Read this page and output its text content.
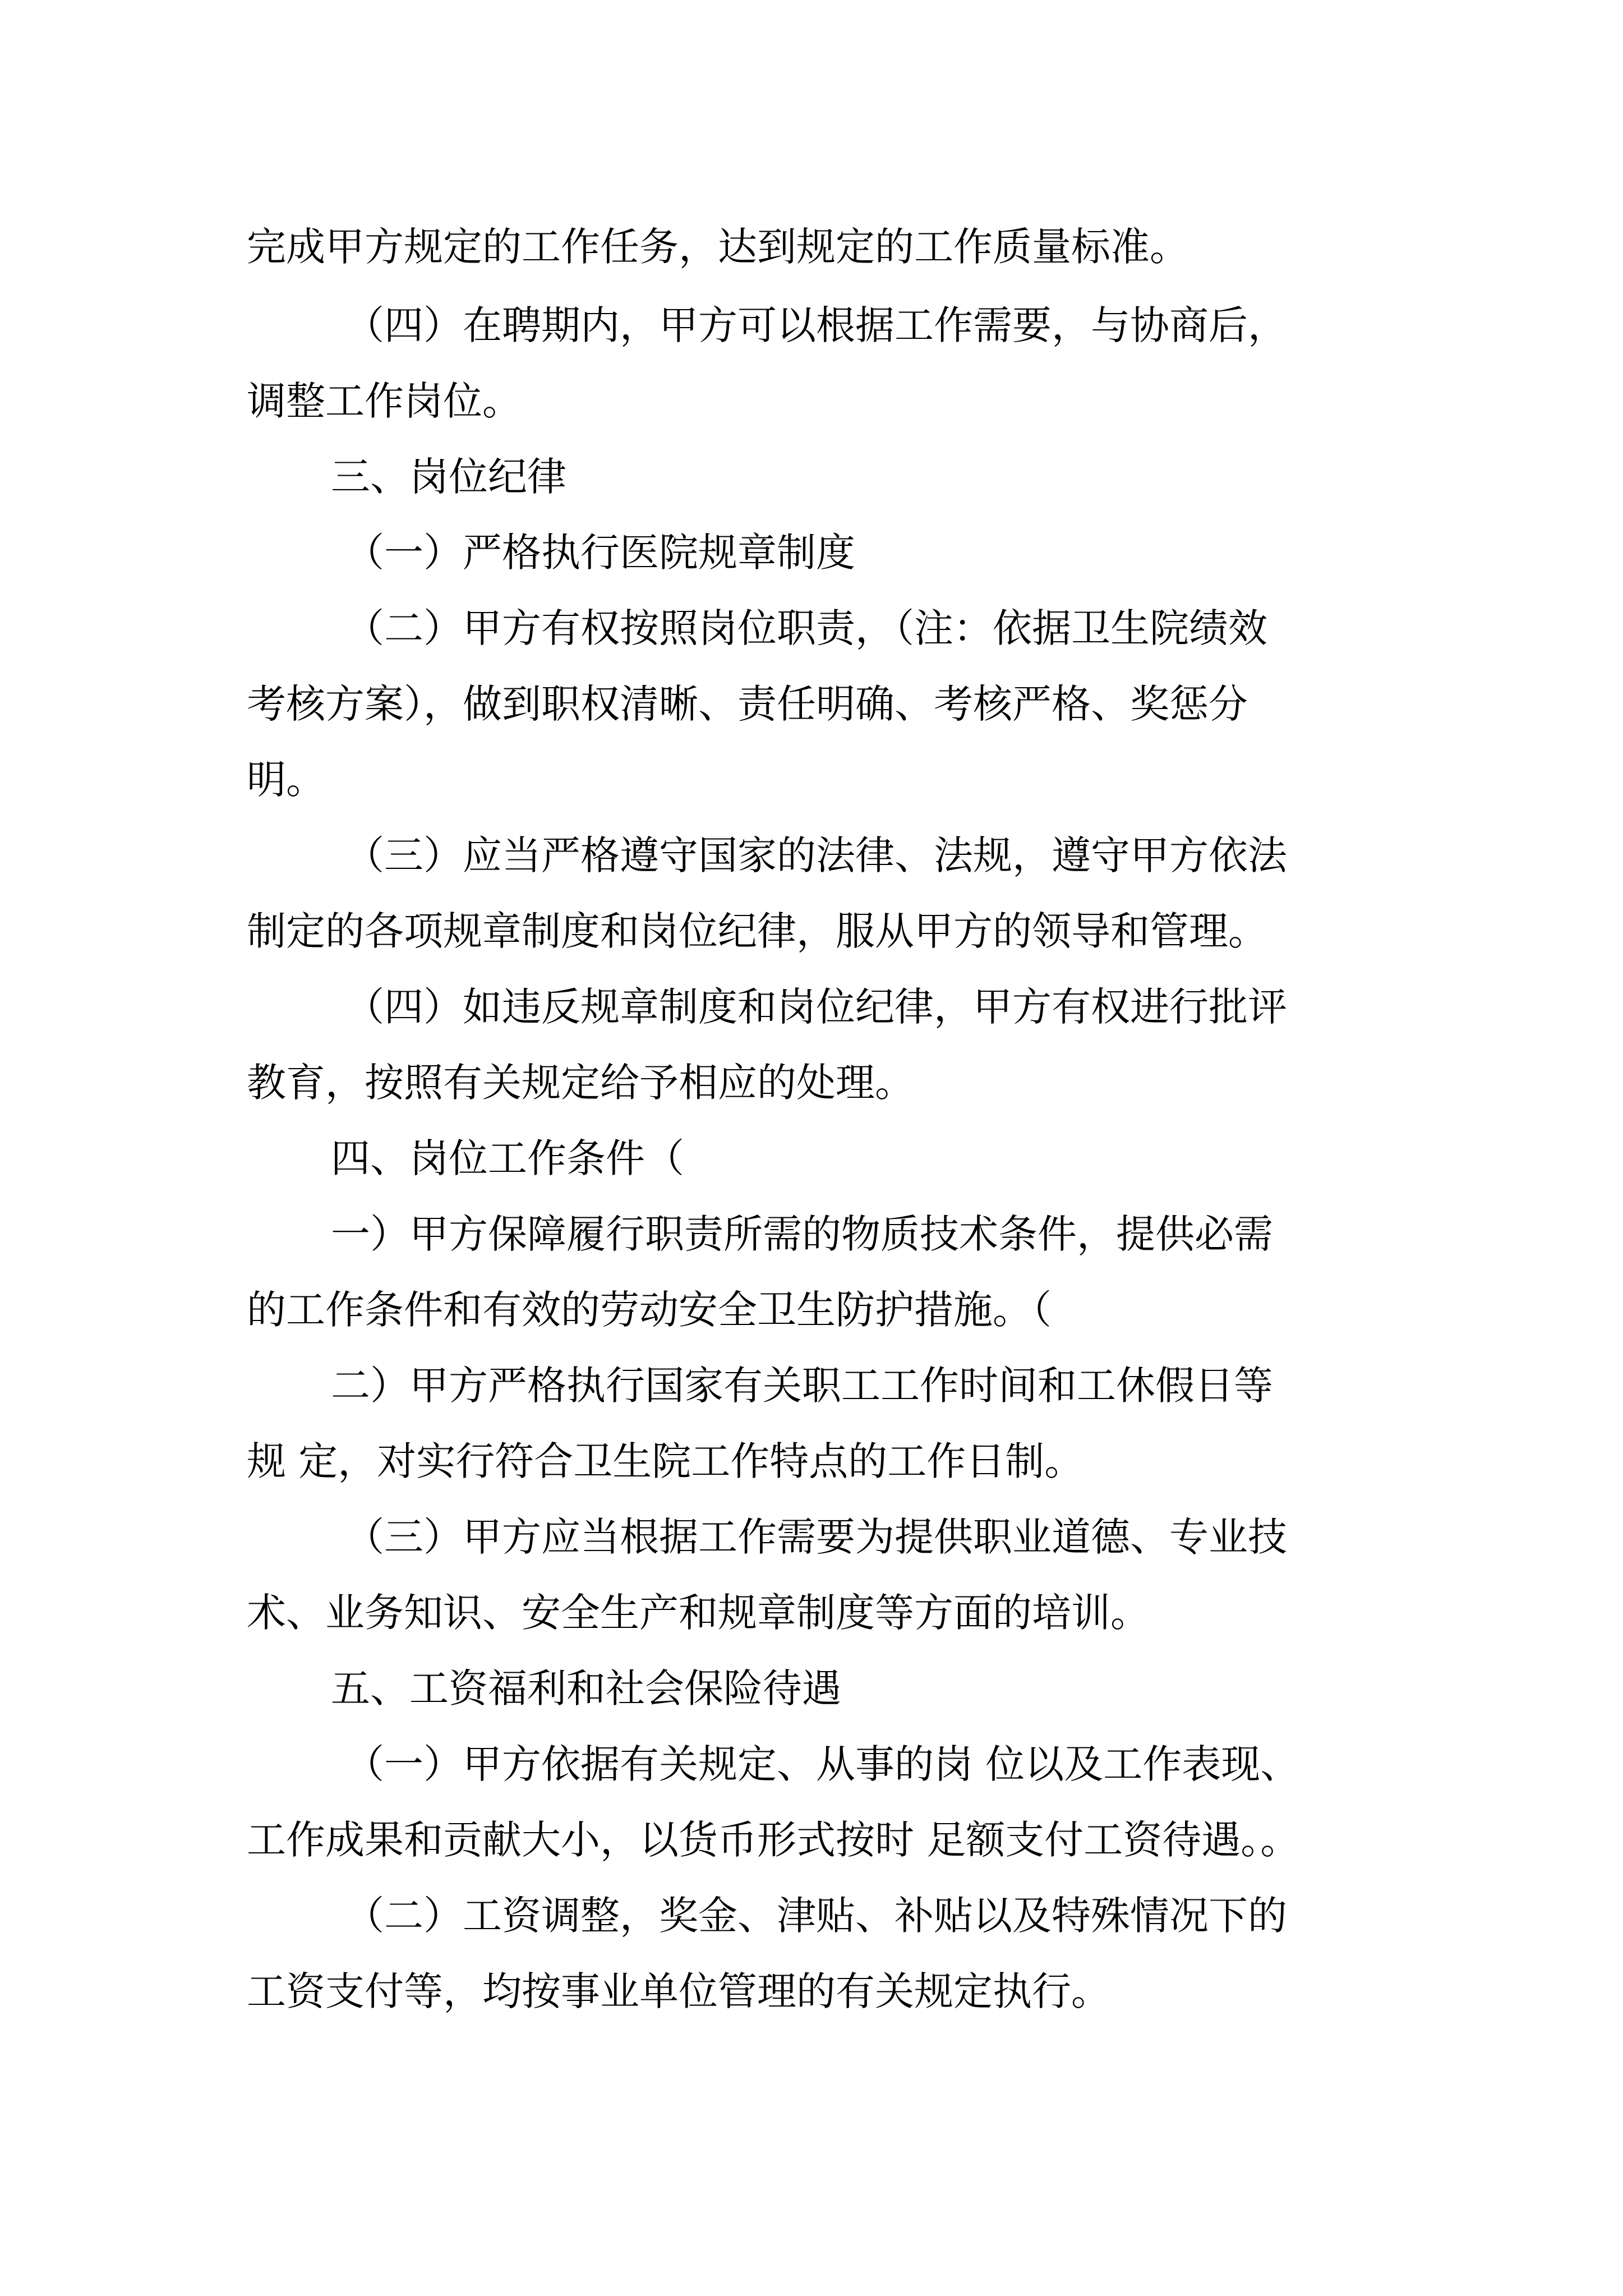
完成甲方规定的工作任务，达到规定的工作质量标准。

（四）在聘期内，甲方可以根据工作需要，与协商后，

调整工作岗位。

三、岗位纪律

（一）严格执行医院规章制度

（二）甲方有权按照岗位职责，（注：依据卫生院绩效

考核方案），做到职权清晰、责任明确、考核严格、奖惩分

明。

（三）应当严格遵守国家的法律、法规，遵守甲方依法

制定的各项规章制度和岗位纪律，服从甲方的领导和管理。

（四）如违反规章制度和岗位纪律，甲方有权进行批评

教育，按照有关规定给予相应的处理。

四、岗位工作条件（

一）甲方保障履行职责所需的物质技术条件，提供必需

的工作条件和有效的劳动安全卫生防护措施。（

二）甲方严格执行国家有关职工工作时间和工休假日等

规 定，对实行符合卫生院工作特点的工作日制。

（三）甲方应当根据工作需要为提供职业道德、专业技

术、业务知识、安全生产和规章制度等方面的培训。

五、工资福利和社会保险待遇

（一）甲方依据有关规定、从事的岗 位以及工作表现、

工作成果和贡献大小，以货币形式按时 足额支付工资待遇。。

（二）工资调整，奖金、津贴、补贴以及特殊情况下的

工资支付等，均按事业单位管理的有关规定执行。
